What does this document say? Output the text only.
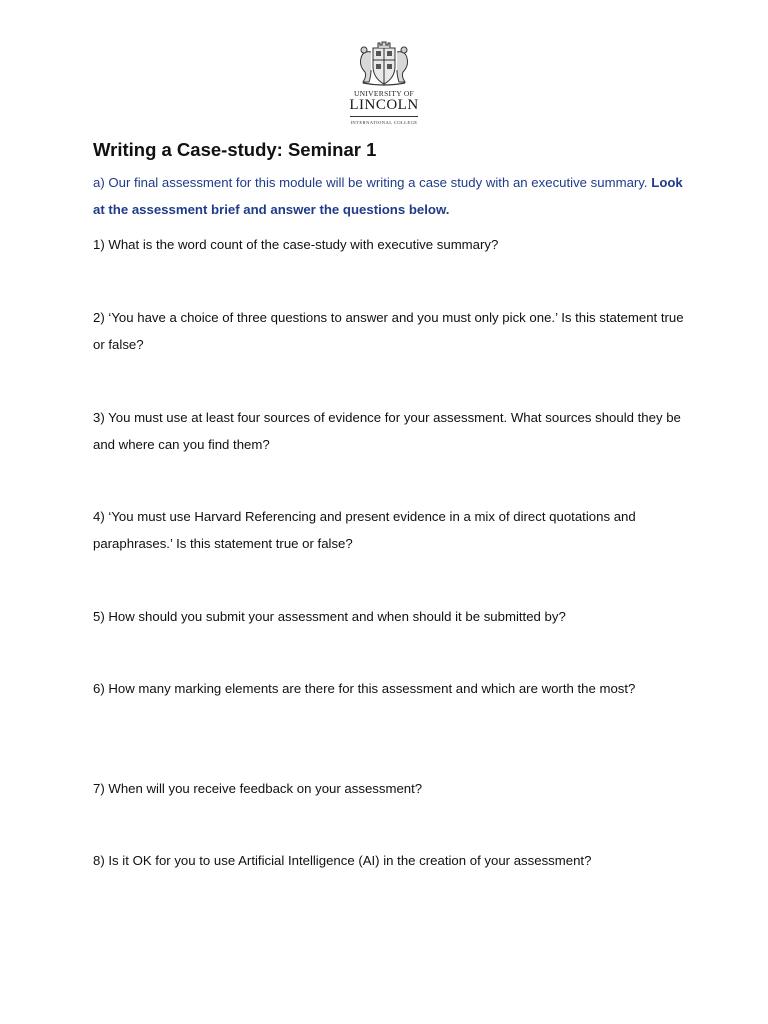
UNIVERSITY OF
LINCOLN
INTERNATIONAL COLLEGE
Writing a Case-study: Seminar 1

a) Our final assessment for this module will be writing a case study with an executive summary. Look at the assessment brief and answer the questions below.

1) What is the word count of the case-study with executive summary?

2) ‘You have a choice of three questions to answer and you must only pick one.’ Is this statement true or false?

3) You must use at least four sources of evidence for your assessment. What sources should they be and where can you find them?

4) ‘You must use Harvard Referencing and present evidence in a mix of direct quotations and paraphrases.’ Is this statement true or false?

5) How should you submit your assessment and when should it be submitted by?

6) How many marking elements are there for this assessment and which are worth the most?

7) When will you receive feedback on your assessment?

8) Is it OK for you to use Artificial Intelligence (AI) in the creation of your assessment?
